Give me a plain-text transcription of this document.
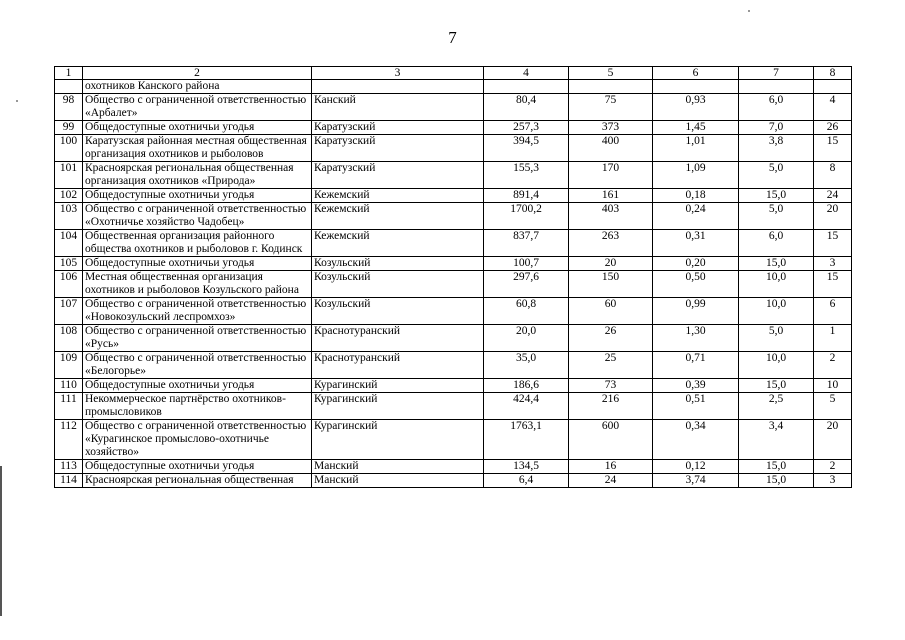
7
1	2	3	4	5	6	7	8
	охотников Канского района						
98	Общество с ограниченной ответственностью «Арбалет»	Канский	80,4	75	0,93	6,0	4
99	Общедоступные охотничьи угодья	Каратузский	257,3	373	1,45	7,0	26
100	Каратузская районная местная общественная организация охотников и рыболовов	Каратузский	394,5	400	1,01	3,8	15
101	Красноярская региональная общественная организация охотников «Природа»	Каратузский	155,3	170	1,09	5,0	8
102	Общедоступные охотничьи угодья	Кежемский	891,4	161	0,18	15,0	24
103	Общество с ограниченной ответственностью «Охотничье хозяйство Чадобец»	Кежемский	1700,2	403	0,24	5,0	20
104	Общественная организация районного общества охотников и рыболовов г. Кодинск	Кежемский	837,7	263	0,31	6,0	15
105	Общедоступные охотничьи угодья	Козульский	100,7	20	0,20	15,0	3
106	Местная общественная организация охотников и рыболовов Козульского района	Козульский	297,6	150	0,50	10,0	15
107	Общество с ограниченной ответственностью «Новокозульский леспромхоз»	Козульский	60,8	60	0,99	10,0	6
108	Общество с ограниченной ответственностью «Русь»	Краснотуранский	20,0	26	1,30	5,0	1
109	Общество с ограниченной ответственностью «Белогорье»	Краснотуранский	35,0	25	0,71	10,0	2
110	Общедоступные охотничьи угодья	Курагинский	186,6	73	0,39	15,0	10
111	Некоммерческое партнёрство охотников-промысловиков	Курагинский	424,4	216	0,51	2,5	5
112	Общество с ограниченной ответственностью «Курагинское промыслово-охотничье хозяйство»	Курагинский	1763,1	600	0,34	3,4	20
113	Общедоступные охотничьи угодья	Манский	134,5	16	0,12	15,0	2
114	Красноярская региональная общественная	Манский	6,4	24	3,74	15,0	3
